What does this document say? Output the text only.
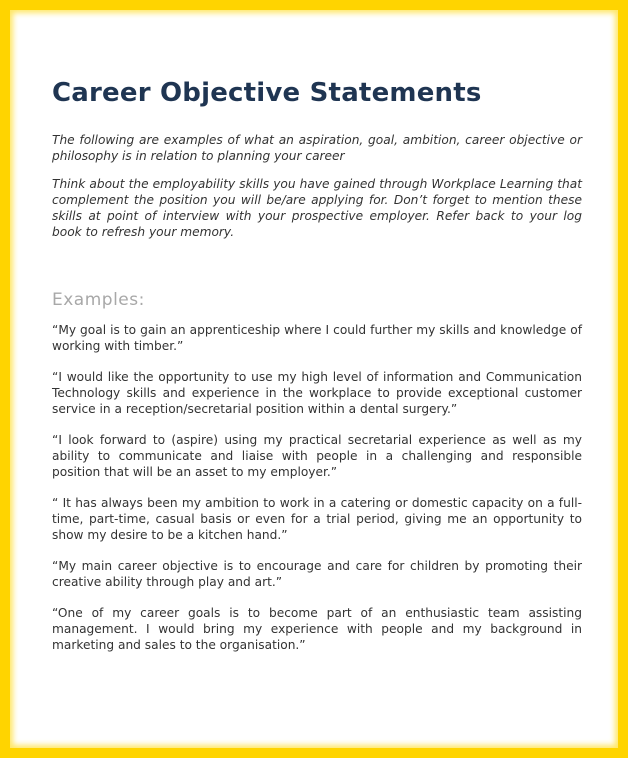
Career Objective Statements

The following are examples of what an aspiration, goal, ambition, career objective or philosophy is in relation to planning your career

Think about the employability skills you have gained through Workplace Learning that complement the position you will be/are applying for. Don’t forget to mention these skills at point of interview with your prospective employer. Refer back to your log book to refresh your memory.

Examples:

“My goal is to gain an apprenticeship where I could further my skills and knowledge of working with timber.”

“I would like the opportunity to use my high level of information and Communication Technology skills and experience in the workplace to provide exceptional customer service in a reception/secretarial position within a dental surgery.”

“I look forward to (aspire) using my practical secretarial experience as well as my ability to communicate and liaise with people in a challenging and responsible position that will be an asset to my employer.”

“ It has always been my ambition to work in a catering or domestic capacity on a full-time, part-time, casual basis or even for a trial period, giving me an opportunity to show my desire to be a kitchen hand.”

“My main career objective is to encourage and care for children by promoting their creative ability through play and art.”

“One of my career goals is to become part of an enthusiastic team assisting management. I would bring my experience with people and my background in marketing and sales to the organisation.”
